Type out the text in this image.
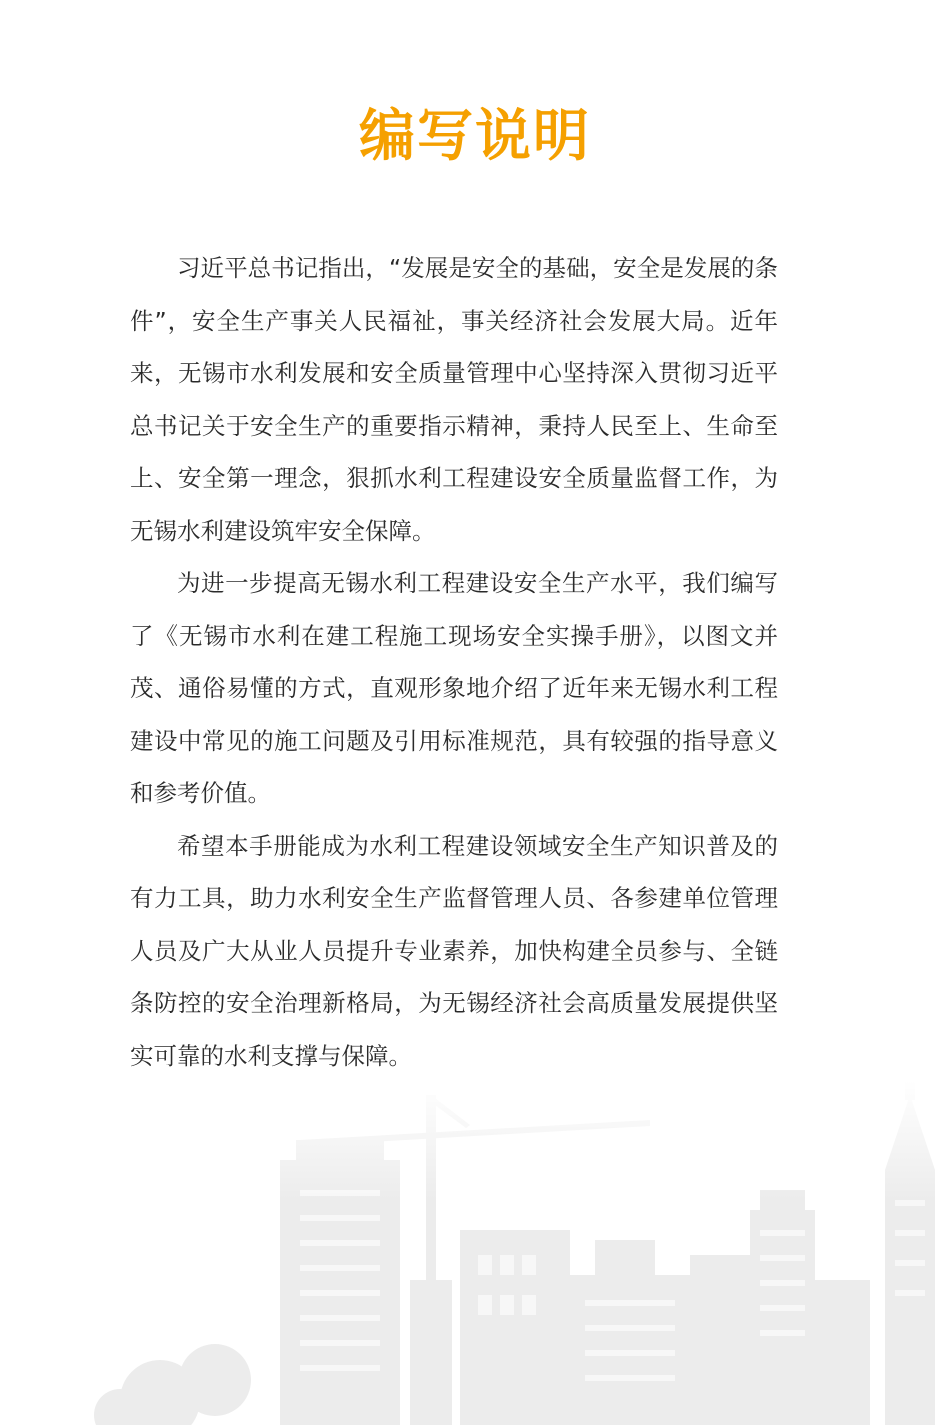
编写说明

习近平总书记指出，“发展是安全的基础，安全是发展的条件”，安全生产事关人民福祉，事关经济社会发展大局。近年来，无锡市水利发展和安全质量管理中心坚持深入贯彻习近平总书记关于安全生产的重要指示精神，秉持人民至上、生命至上、安全第一理念，狠抓水利工程建设安全质量监督工作，为无锡水利建设筑牢安全保障。

为进一步提高无锡水利工程建设安全生产水平，我们编写了《无锡市水利在建工程施工现场安全实操手册》，以图文并茂、通俗易懂的方式，直观形象地介绍了近年来无锡水利工程建设中常见的施工问题及引用标准规范，具有较强的指导意义和参考价值。

希望本手册能成为水利工程建设领域安全生产知识普及的有力工具，助力水利安全生产监督管理人员、各参建单位管理人员及广大从业人员提升专业素养，加快构建全员参与、全链条防控的安全治理新格局，为无锡经济社会高质量发展提供坚实可靠的水利支撑与保障。
